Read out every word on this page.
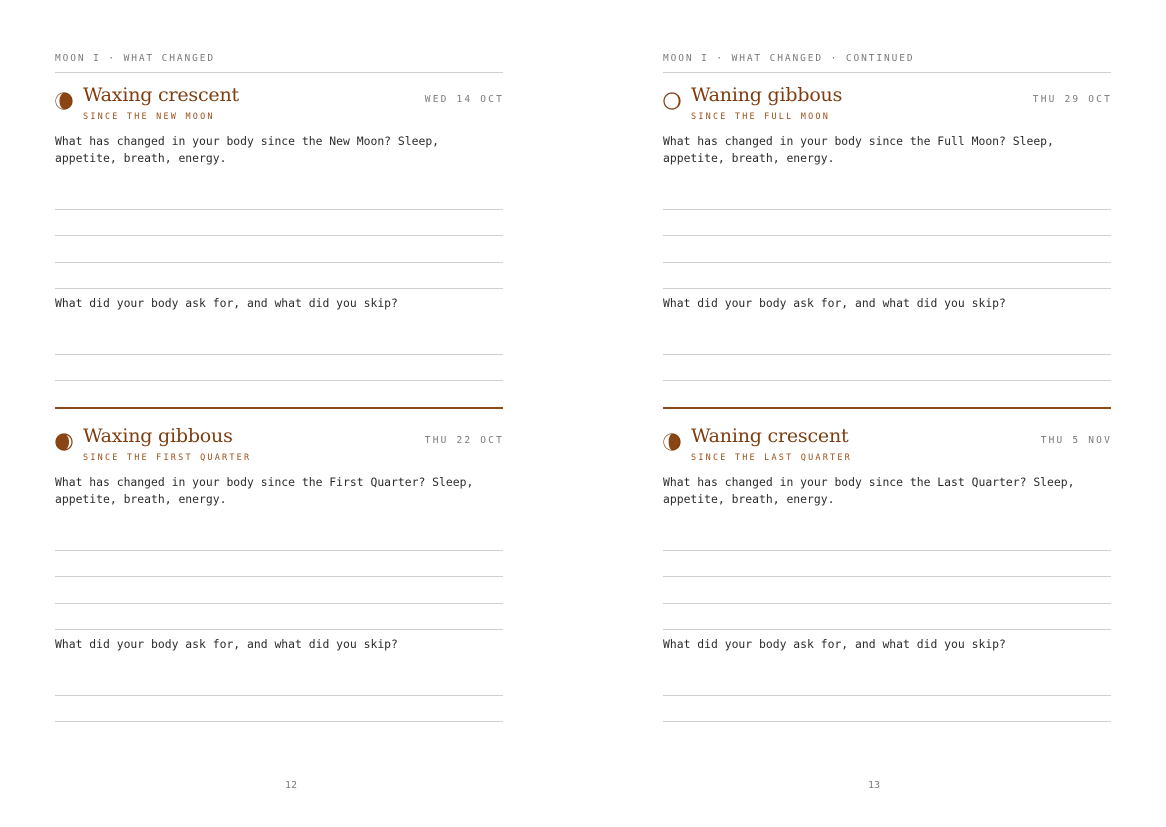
MOON I · WHAT CHANGED
Waxing crescent	WED 14 OCT
SINCE THE NEW MOON
What has changed in your body since the New Moon? Sleep, appetite, breath, energy.
What did your body ask for, and what did you skip?
Waxing gibbous	THU 22 OCT
SINCE THE FIRST QUARTER
What has changed in your body since the First Quarter? Sleep, appetite, breath, energy.
What did your body ask for, and what did you skip?
12
MOON I · WHAT CHANGED · CONTINUED
Waning gibbous	THU 29 OCT
SINCE THE FULL MOON
What has changed in your body since the Full Moon? Sleep, appetite, breath, energy.
What did your body ask for, and what did you skip?
Waning crescent	THU 5 NOV
SINCE THE LAST QUARTER
What has changed in your body since the Last Quarter? Sleep, appetite, breath, energy.
What did your body ask for, and what did you skip?
13
